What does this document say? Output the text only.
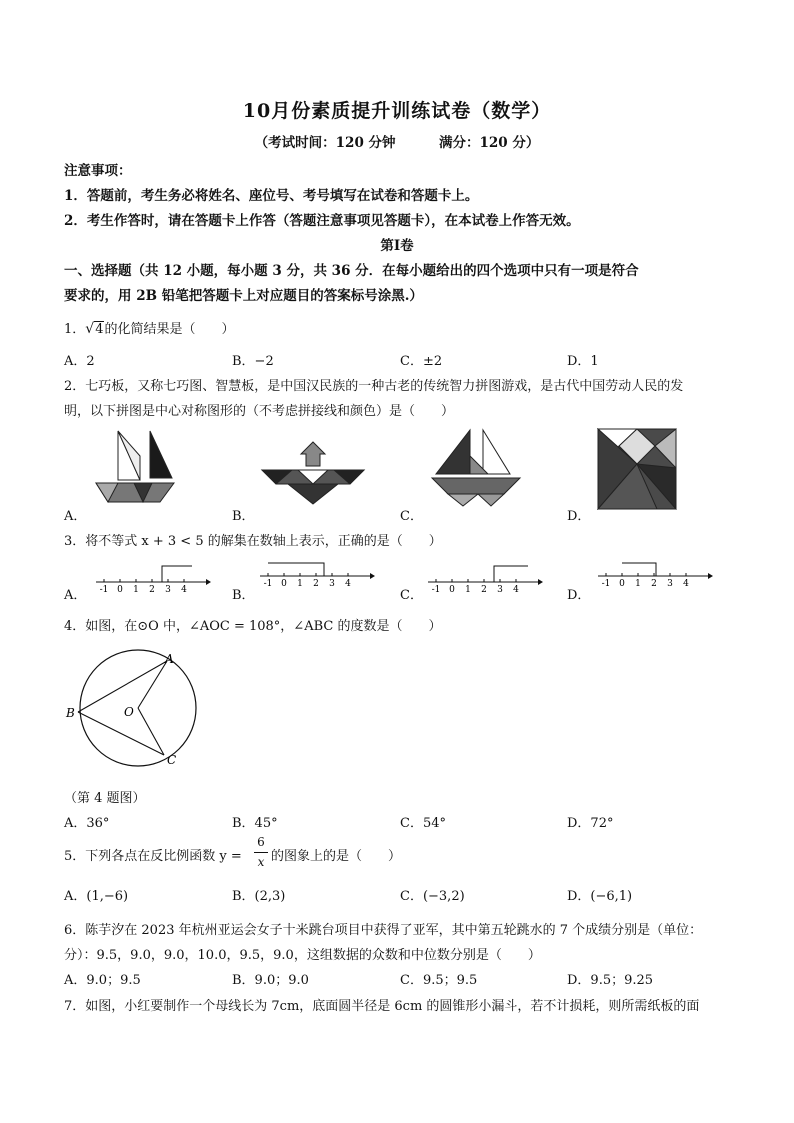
10月份素质提升训练试卷（数学）
（考试时间：120 分钟	满分：120 分）
注意事项：
1．答题前，考生务必将姓名、座位号、考号填写在试卷和答题卡上。
2．考生作答时，请在答题卡上作答（答题注意事项见答题卡），在本试卷上作答无效。
第Ⅰ卷
一、选择题（共 12 小题，每小题 3 分，共 36 分．在每小题给出的四个选项中只有一项是符合
要求的，用 2B 铅笔把答题卡上对应题目的答案标号涂黑.）
1．√4的化简结果是（　　）
A．2	B．−2	C．±2	D．1
2．七巧板，又称七巧图、智慧板，是中国汉民族的一种古老的传统智力拼图游戏，是古代中国劳动人民的发
明，以下拼图是中心对称图形的（不考虑拼接线和颜色）是（　　）
A．	B．	C．	D．
3．将不等式 x + 3 < 5 的解集在数轴上表示，正确的是（　　）
A．	B．	C．	D．
-1 0 1 2 3 4
-1 0 1 2 3 4
-1 0 1 2 3 4
-1 0 1 2 3 4
4．如图，在⊙O 中，∠AOC = 108°，∠ABC 的度数是（　　）
A
B
C
O
（第 4 题图）
A．36°	B．45°	C．54°	D．72°
5．下列各点在反比例函数 y =
6
x 的图象上的是（　　）
A．(1,−6)	B．(2,3)	C．(−3,2)	D．(−6,1)
6．陈芋汐在 2023 年杭州亚运会女子十米跳台项目中获得了亚军，其中第五轮跳水的 7 个成绩分别是（单位：
分）：9.5，9.0，9.0，10.0，9.5，9.0，这组数据的众数和中位数分别是（　　）
A．9.0；9.5	B．9.0；9.0	C．9.5；9.5	D．9.5；9.25
7．如图，小红要制作一个母线长为 7cm，底面圆半径是 6cm 的圆锥形小漏斗，若不计损耗，则所需纸板的面
